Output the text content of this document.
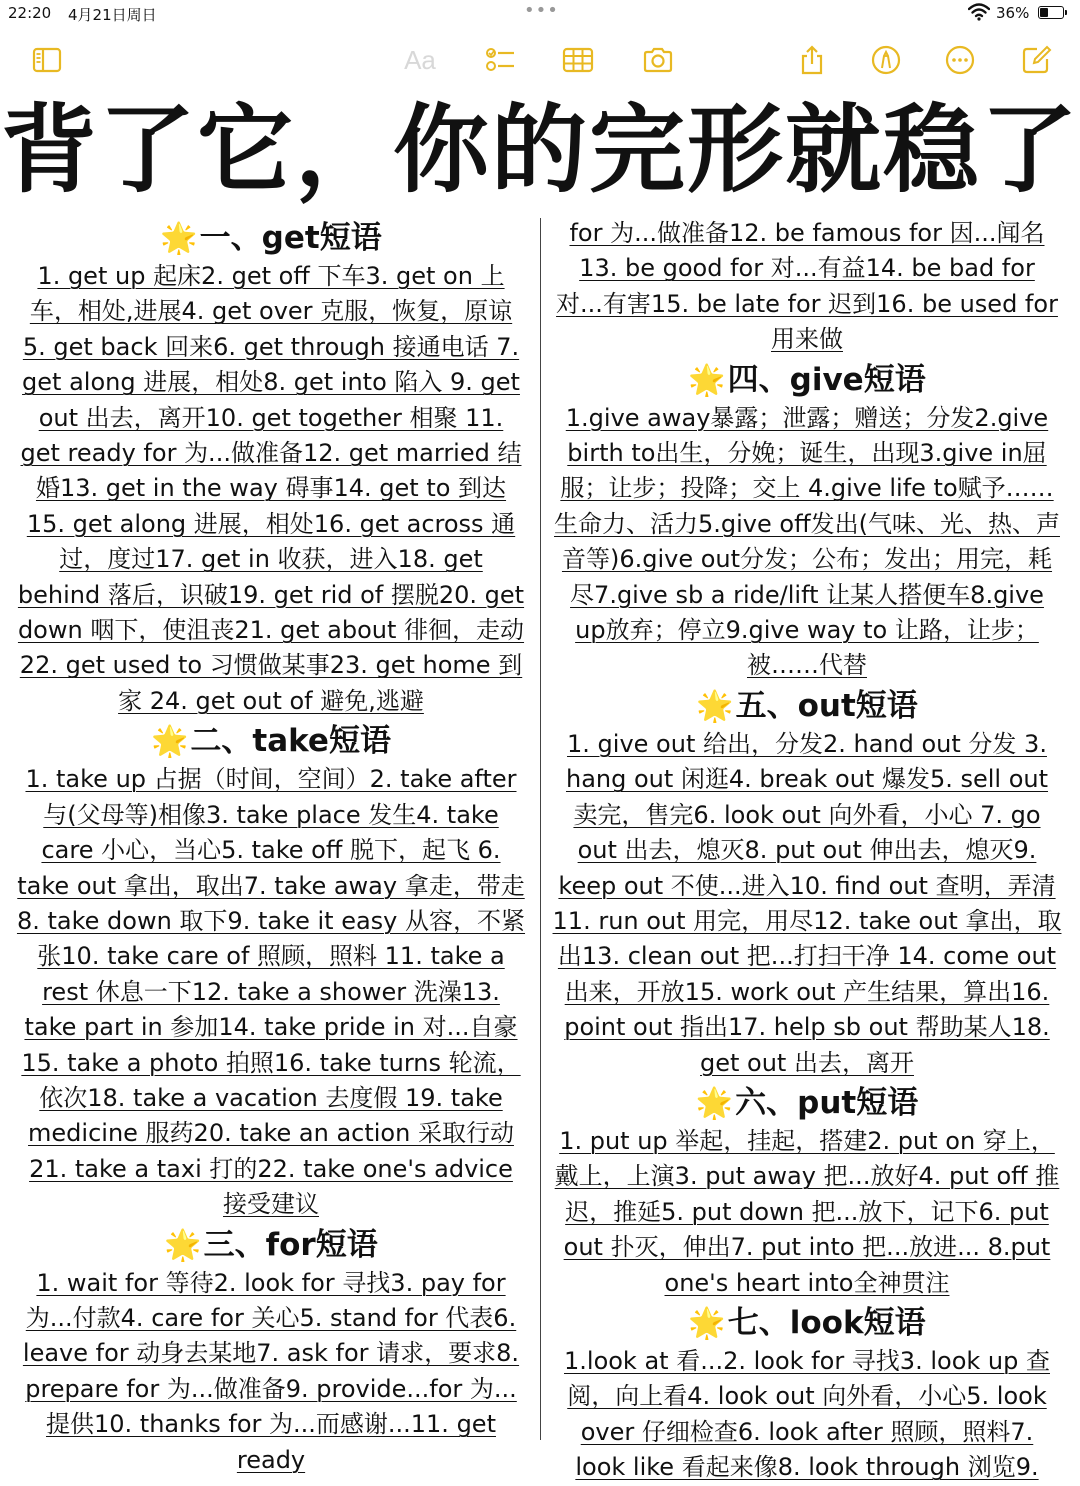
22:20 4月21日周日	•••	36%
Aa
背了它，你的完形就稳了
🌟一、get短语

1. get up 起床2. get off 下车3. get on 上车，相处,进展4. get over 克服，恢复，原谅 5. get back 回来6. get through 接通电话 7. get along 进展，相处8. get into 陷入 9. get out 出去，离开10. get together 相聚 11. get ready for 为...做准备12. get married 结婚13. get in the way 碍事14. get to 到达 15. get along 进展，相处16. get across 通过，度过17. get in 收获，进入18. get behind 落后，识破19. get rid of 摆脱20. get down 咽下，使沮丧21. get about 徘徊，走动 22. get used to 习惯做某事23. get home 到家 24. get out of 避免,逃避

🌟二、take短语

1. take up 占据（时间，空间）2. take after 与(父母等)相像3. take place 发生4. take care 小心，当心5. take off 脱下，起飞 6. take out 拿出，取出7. take away 拿走，带走8. take down 取下9. take it easy 从容，不紧张10. take care of 照顾，照料 11. take a rest 休息一下12. take a shower 洗澡13. take part in 参加14. take pride in 对...自豪15. take a photo 拍照16. take turns 轮流，依次18. take a vacation 去度假 19. take medicine 服药20. take an action 采取行动21. take a taxi 打的22. take one's advice 接受建议

🌟三、for短语

1. wait for 等待2. look for 寻找3. pay for 为...付款4. care for 关心5. stand for 代表6. leave for 动身去某地7. ask for 请求，要求8. prepare for 为...做准备9. provide...for 为...提供10. thanks for 为...而感谢...11. get ready

for 为...做准备12. be famous for 因...闻名13. be good for 对...有益14. be bad for 对...有害15. be late for 迟到16. be used for 用来做

🌟四、give短语

1.give away暴露；泄露；赠送；分发2.give birth to出生，分娩；诞生，出现3.give in屈服；让步；投降；交上 4.give life to赋予……生命力、活力5.give off发出(气味、光、热、声音等)6.give out分发；公布；发出；用完，耗尽7.give sb a ride/lift 让某人搭便车8.give up放弃；停立9.give way to 让路，让步；被……代替

🌟五、out短语

1. give out 给出，分发2. hand out 分发 3. hang out 闲逛4. break out 爆发5. sell out 卖完，售完6. look out 向外看，小心 7. go out 出去，熄灭8. put out 伸出去，熄灭9. keep out 不使...进入10. find out 查明，弄清11. run out 用完，用尽12. take out 拿出，取出13. clean out 把...打扫干净 14. come out 出来，开放15. work out 产生结果，算出16. point out 指出17. help sb out 帮助某人18. get out 出去，离开

🌟六、put短语

1. put up 举起，挂起，搭建2. put on 穿上，戴上，上演3. put away 把...放好4. put off 推迟，推延5. put down 把...放下，记下6. put out 扑灭，伸出7. put into 把...放进... 8.put one's heart into全神贯注

🌟七、look短语

1.look at 看...2. look for 寻找3. look up 查阅，向上看4. look out 向外看，小心5. look over 仔细检查6. look after 照顾，照料7. look like 看起来像8. look through 浏览9.
